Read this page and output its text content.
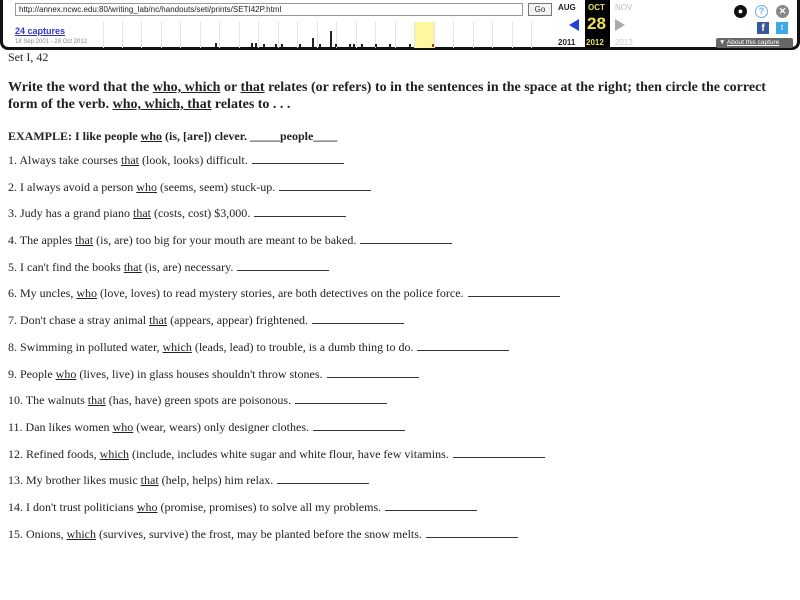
http://annex.ncwc.edu:80/writing_lab/nc/handouts/seti/prints/SETI42P.html	Go
24 captures
18 Sep 2001 - 28 Oct 2012
AUG
2011
OCT
28
2012
NOV
2013
●	?	✕
f	t
▼ About this capture
Set I, 42
Write the word that the who, which or that relates (or refers) to in the sentences in the space at the right; then circle the correct form of the verb. who, which, that relates to . . .
EXAMPLE: I like people who (is, [are]) clever. _____people____
1. Always take courses that (look, looks) difficult.
2. I always avoid a person who (seems, seem) stuck-up.
3. Judy has a grand piano that (costs, cost) $3,000.
4. The apples that (is, are) too big for your mouth are meant to be baked.
5. I can't find the books that (is, are) necessary.
6. My uncles, who (love, loves) to read mystery stories, are both detectives on the police force.
7. Don't chase a stray animal that (appears, appear) frightened.
8. Swimming in polluted water, which (leads, lead) to trouble, is a dumb thing to do.
9. People who (lives, live) in glass houses shouldn't throw stones.
10. The walnuts that (has, have) green spots are poisonous.
11. Dan likes women who (wear, wears) only designer clothes.
12. Refined foods, which (include, includes white sugar and white flour, have few vitamins.
13. My brother likes music that (help, helps) him relax.
14. I don't trust politicians who (promise, promises) to solve all my problems.
15. Onions, which (survives, survive) the frost, may be planted before the snow melts.
